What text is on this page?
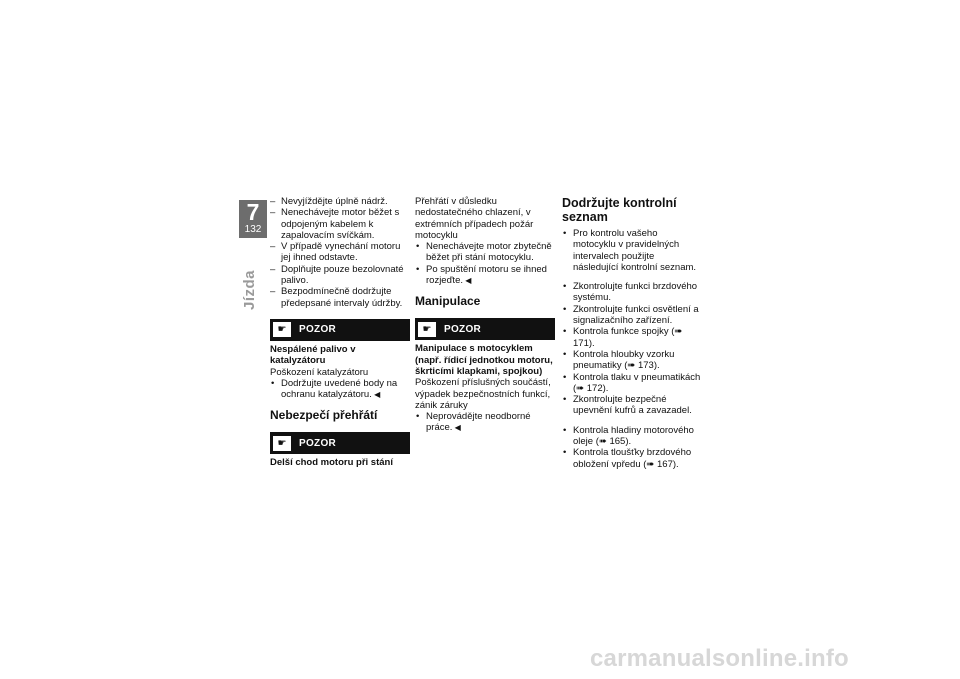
7
132
Jízda
– Nevyjíždějte úplně nádrž.
– Nenechávejte motor běžet s odpojeným kabelem k zapalovacím svíčkám.
– V případě vynechání motoru jej ihned odstavte.
– Doplňujte pouze bezolovnaté palivo.
– Bezpodmínečně dodržujte předepsané intervaly údržby.
☛	POZOR
Nespálené palivo v katalyzátoru
Poškození katalyzátoru
• Dodržujte uvedené body na ochranu katalyzátoru. ◀
Nebezpečí přehřátí
☛	POZOR
Delší chod motoru při stání
Přehřátí v důsledku nedostatečného chlazení, v extrémních případech požár motocyklu
• Nenechávejte motor zbytečně běžet při stání motocyklu.
• Po spuštění motoru se ihned rozjeďte. ◀
Manipulace
☛	POZOR
Manipulace s motocyklem (např. řídicí jednotkou motoru, škrticími klapkami, spojkou)
Poškození příslušných součástí, výpadek bezpečnostních funkcí, zánik záruky
• Neprovádějte neodborné práce. ◀
Dodržujte kontrolní seznam
• Pro kontrolu vašeho motocyklu v pravidelných intervalech použijte následující kontrolní seznam.
• Zkontrolujte funkci brzdového systému.
• Zkontrolujte funkci osvětlení a signalizačního zařízení.
• Kontrola funkce spojky (➠ 171).
• Kontrola hloubky vzorku pneumatiky (➠ 173).
• Kontrola tlaku v pneumatikách (➠ 172).
• Zkontrolujte bezpečné upevnění kufrů a zavazadel.
• Kontrola hladiny motorového oleje (➠ 165).
• Kontrola tloušťky brzdového obložení vpředu (➠ 167).
carmanualsonline.info
